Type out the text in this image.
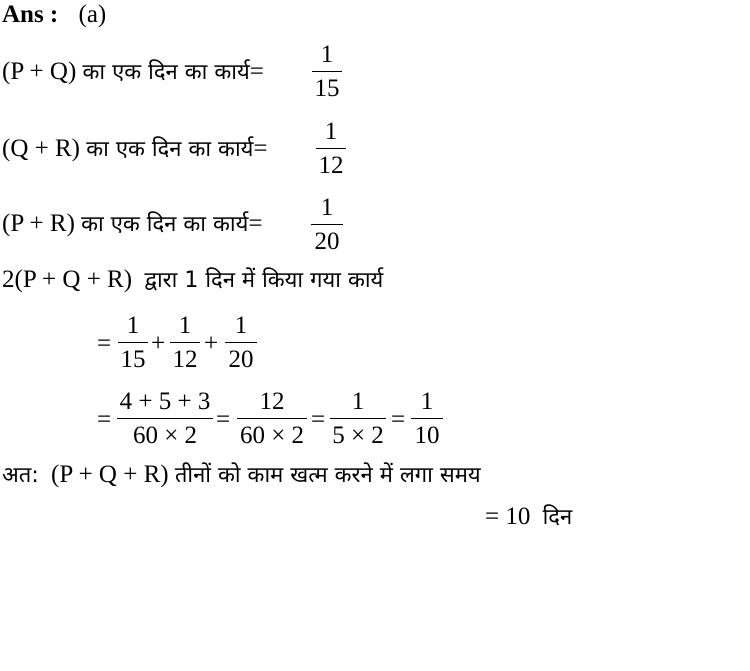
Ans : (a)
(P + Q) का एक दिन का कार्य=
1
15
(Q + R) का एक दिन का कार्य=
1
12
(P + R) का एक दिन का कार्य=
1
20
2(P + Q + R) द्वारा 1 दिन में किया गया कार्य
=
1
15
+
1
12
+
1
20
=
4 + 5 + 3
60 × 2
=
12
60 × 2
=
1
5 × 2
=
1
10
अत: (P + Q + R) तीनों को काम खत्म करने में लगा समय
= 10 दिन
